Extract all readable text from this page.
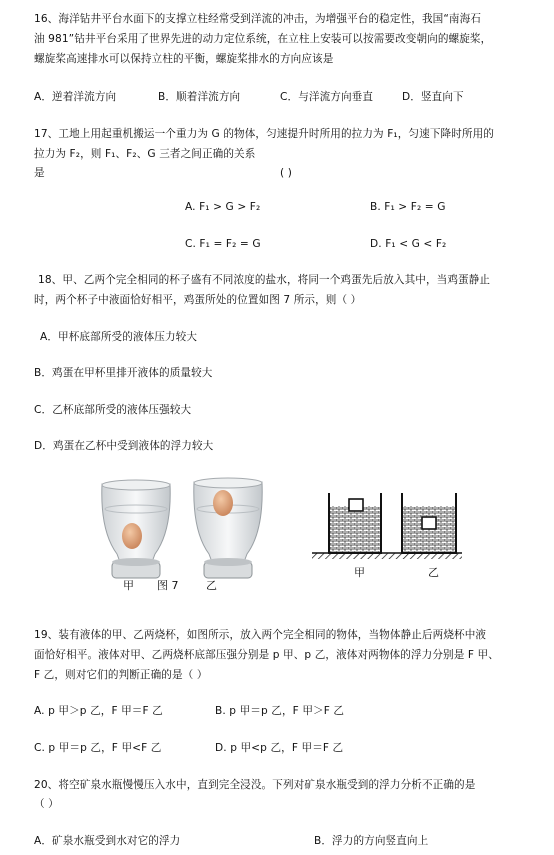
16、海洋钻井平台水面下的支撑立柱经常受到洋流的冲击，为增强平台的稳定性，我国“南海石
油 981”钻井平台采用了世界先进的动力定位系统，在立柱上安装可以按需要改变朝向的螺旋桨，
螺旋桨高速排水可以保持立柱的平衡，螺旋桨排水的方向应该是
A．逆着洋流方向	B．顺着洋流方向	C．与洋流方向垂直	D．竖直向下
17、工地上用起重机搬运一个重力为 G 的物体，匀速提升时所用的拉力为 F₁，匀速下降时所用的
拉力为 F₂，则 F₁、F₂、G 三者之间正确的关系
是	( )
A. F₁ > G > F₂	B. F₁ > F₂ = G
C. F₁ = F₂ = G	D. F₁ < G < F₂
18、甲、乙两个完全相同的杯子盛有不同浓度的盐水，将同一个鸡蛋先后放入其中，当鸡蛋静止
时，两个杯子中液面恰好相平，鸡蛋所处的位置如图 7 所示，则（ ）
A．甲杯底部所受的液体压力较大
B．鸡蛋在甲杯里排开液体的质量较大
C．乙杯底部所受的液体压强较大
D．鸡蛋在乙杯中受到液体的浮力较大
甲 图 7	乙
甲	乙
19、装有液体的甲、乙两烧杯，如图所示，放入两个完全相同的物体，当物体静止后两烧杯中液
面恰好相平。液体对甲、乙两烧杯底部压强分别是 p 甲、p 乙，液体对两物体的浮力分别是 F 甲、
F 乙，则对它们的判断正确的是（ ）
A. p 甲＞p 乙，F 甲＝F 乙	B. p 甲＝p 乙，F 甲＞F 乙
C. p 甲＝p 乙，F 甲<F 乙	D. p 甲<p 乙，F 甲＝F 乙
20、将空矿泉水瓶慢慢压入水中，直到完全浸没。下列对矿泉水瓶受到的浮力分析不正确的是
（ ）
A．矿泉水瓶受到水对它的浮力	B．浮力的方向竖直向上
